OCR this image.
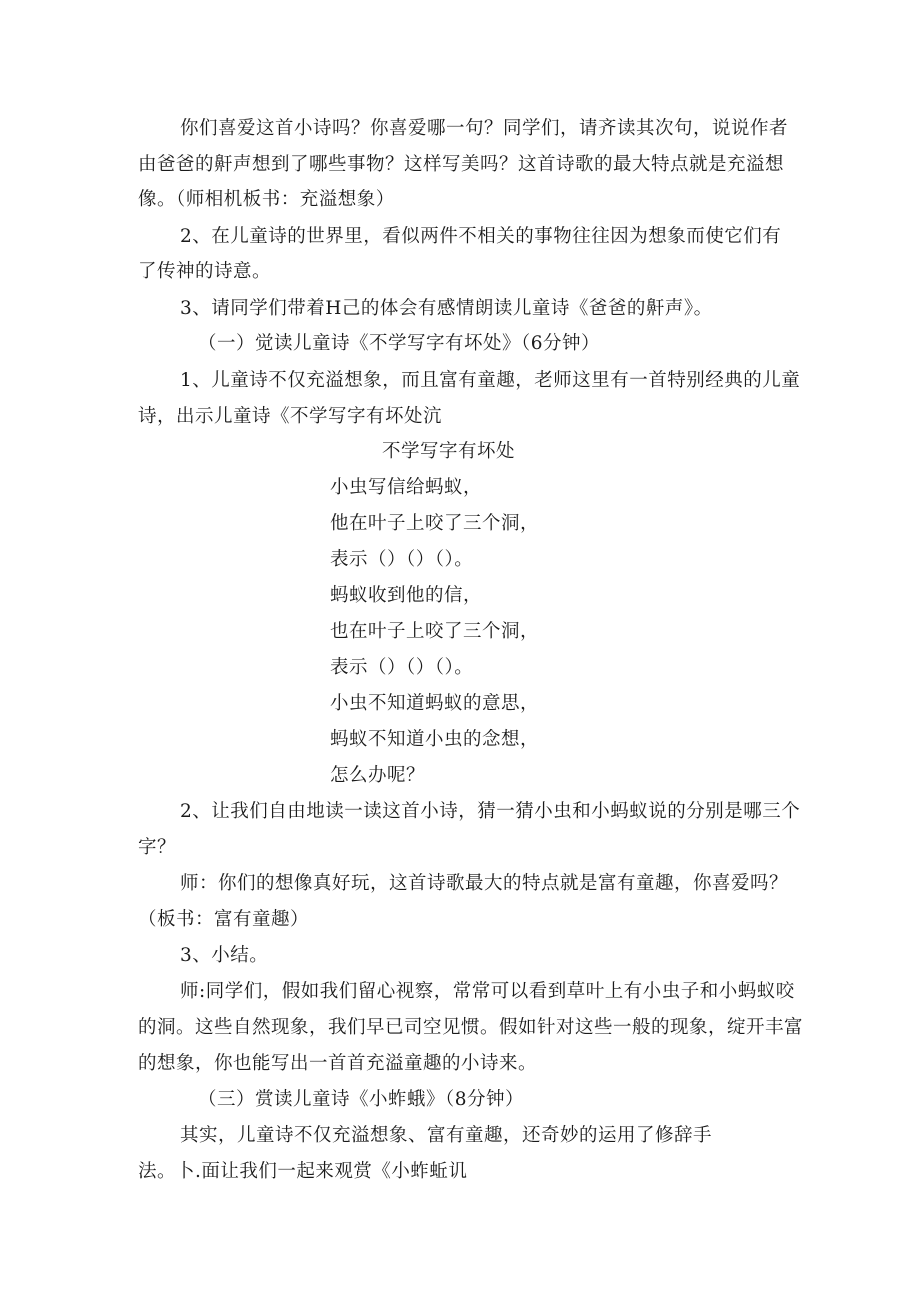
你们喜爱这首小诗吗？你喜爱哪一句？同学们，请齐读其次句，说说作者
由爸爸的鼾声想到了哪些事物？这样写美吗？这首诗歌的最大特点就是充溢想
像。（师相机板书：充溢想象）
2、在儿童诗的世界里，看似两件不相关的事物往往因为想象而使它们有
了传神的诗意。
3、请同学们带着H己的体会有感情朗读儿童诗《爸爸的鼾声》。
（一）觉读儿童诗《不学写字有坏处》（6分钟）
1、儿童诗不仅充溢想象，而且富有童趣，老师这里有一首特别经典的儿童
诗，出示儿童诗《不学写字有坏处沆
不学写字有坏处
小虫写信给蚂蚁，
他在叶子上咬了三个洞，
表示（）（）（）。
蚂蚁收到他的信，
也在叶子上咬了三个洞，
表示（）（）（）。
小虫不知道蚂蚁的意思，
蚂蚁不知道小虫的念想，
怎么办呢？
2、让我们自由地读一读这首小诗，猜一猜小虫和小蚂蚁说的分别是哪三个
字？
师：你们的想像真好玩，这首诗歌最大的特点就是富有童趣，你喜爱吗？
（板书：富有童趣）
3、小结。
师:同学们，假如我们留心视察，常常可以看到草叶上有小虫子和小蚂蚁咬
的洞。这些自然现象，我们早已司空见惯。假如针对这些一般的现象，绽开丰富
的想象，你也能写出一首首充溢童趣的小诗来。
（三）赏读儿童诗《小蚱蛾》（8分钟）
其实，儿童诗不仅充溢想象、富有童趣，还奇妙的运用了修辞手
法。卜.面让我们一起来观赏《小蚱蚯讥
